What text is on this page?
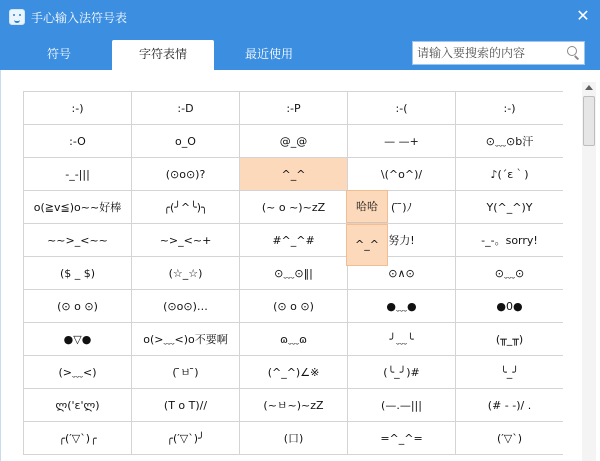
手心输入法符号表	✕
符号	字符表情	最近使用
请输入要搜索的内容
:-)	:-D	:-P	:-(	:-)
:-O	o_O	@_@	— —+	⊙﹏⊙b汗
-_-|||	(⊙o⊙)?	^_^	\(^o^)/	♪(´ε｀)
o(≧v≦)o~~好棒	╭(╯^╰)╮	(~ o ~)~zZ	( ̄ ̄)ﾉ	Y(^_^)Y
~~>_<~~	~>_<~+	#^_^#	努力!	-_-。sorry!
($ _ $)	(☆_☆)	⊙﹏⊙‖|	⊙∧⊙	⊙﹏⊙
(⊙ o ⊙)	(⊙o⊙)…	(⊙ o ⊙)	●﹏●	●0●
●▽●	o(>﹏<)o不要啊	ɷ﹏ɷ	╯﹏╰	(╥_╥)
(>﹏<)	( ̄ㅂ ̄)	(^_^)∠※	(╰_╯)#	╰_╯
ლ('ε'ლ)	(T o T)//	(~ㅂ~)~zZ	(—.—|||	(# - -)/ .
╭(′▽`)╭	╭(′▽`)╯	(口)	=^_^=	(′▽`)
哈哈
^_^
